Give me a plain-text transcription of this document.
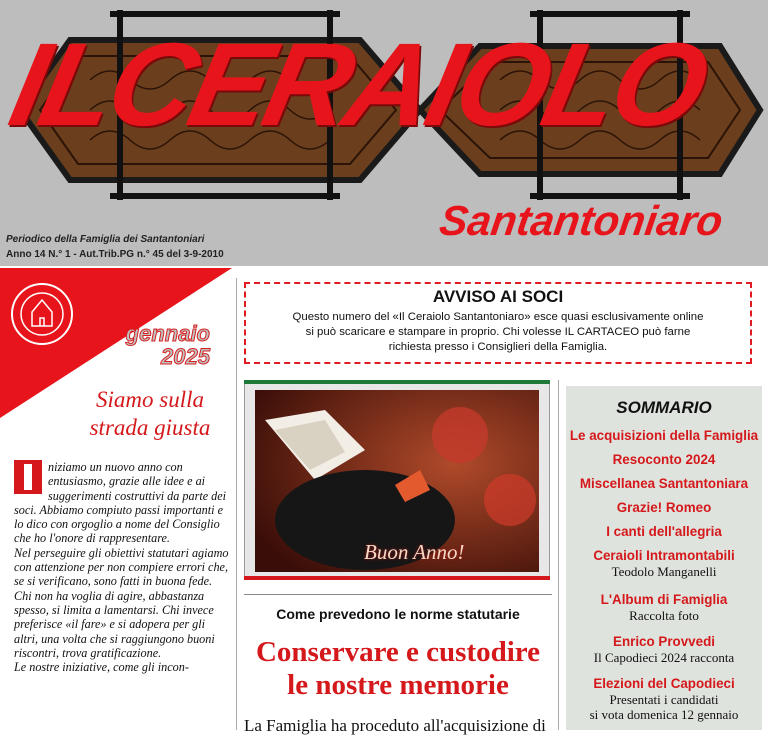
ILCERAIOLO
Santantoniaro
Periodico della Famiglia dei Santantoniari
Anno 14 N.° 1 - Aut.Trib.PG n.° 45 del 3-9-2010
gennaio
2025
Siamo sulla
strada giusta

niziamo un nuovo anno con entusiasmo, grazie alle idee e ai suggerimenti costruttivi da parte dei soci. Abbiamo compiuto passi importanti e lo dico con orgoglio a nome del Consiglio che ho l'onore di rappresentare.

Nel perseguire gli obiettivi statutari agiamo con attenzione per non compiere errori che, se si verificano, sono fatti in buona fede.

Chi non ha voglia di agire, abbastanza spesso, si limita a lamentarsi. Chi invece preferisce «il fare» e si adopera per gli altri, una volta che si raggiungono buoni riscontri, trova gratificazione.

Le nostre iniziative, come gli incon-

AVVISO AI SOCI
Questo numero del «Il Ceraiolo Santantoniaro» esce quasi esclusivamente online
si può scaricare e stampare in proprio. Chi volesse IL CARTACEO può farne
richiesta presso i Consiglieri della Famiglia.
Buon Anno!
Come prevedono le norme statutarie
Conservare e custodire
le nostre memorie
La Famiglia ha proceduto all'acquisizione di
SOMMARIO
Le acquisizioni della Famiglia
Resoconto 2024
Miscellanea Santantoniara
Grazie! Romeo
I canti dell'allegria
Ceraioli Intramontabili
Teodolo Manganelli
L'Album di Famiglia
Raccolta foto
Enrico Provvedi
Il Capodieci 2024 racconta
Elezioni del Capodieci
Presentati i candidati
si vota domenica 12 gennaio
